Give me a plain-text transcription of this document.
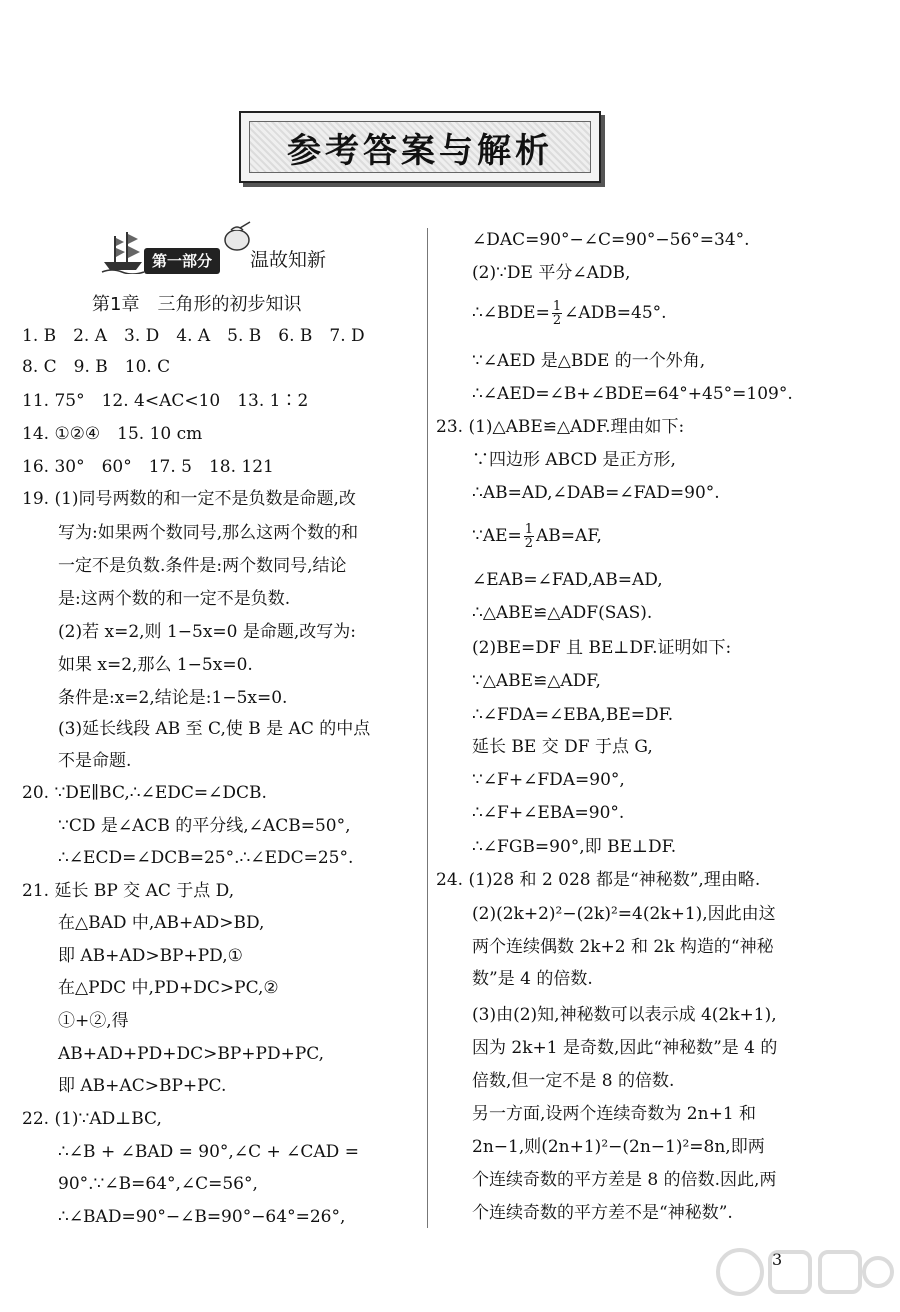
参考答案与解析
第一部分	温故知新
第1章　三角形的初步知识
1. B　2. A　3. D　4. A　5. B　6. B　7. D
8. C　9. B　10. C
11. 75°　12. 4<AC<10　13. 1∶2
14. ①②④　15. 10 cm
16. 30°　60°　17. 5　18. 121
19. (1)同号两数的和一定不是负数是命题,改
写为:如果两个数同号,那么这两个数的和
一定不是负数.条件是:两个数同号,结论
是:这两个数的和一定不是负数.
(2)若 x=2,则 1−5x=0 是命题,改写为:
如果 x=2,那么 1−5x=0.
条件是:x=2,结论是:1−5x=0.
(3)延长线段 AB 至 C,使 B 是 AC 的中点
不是命题.
20. ∵DE∥BC,∴∠EDC=∠DCB.
∵CD 是∠ACB 的平分线,∠ACB=50°,
∴∠ECD=∠DCB=25°.∴∠EDC=25°.
21. 延长 BP 交 AC 于点 D,
在△BAD 中,AB+AD>BD,
即 AB+AD>BP+PD,①
在△PDC 中,PD+DC>PC,②
①+②,得
AB+AD+PD+DC>BP+PD+PC,
即 AB+AC>BP+PC.
22. (1)∵AD⊥BC,
∴∠B + ∠BAD = 90°,∠C + ∠CAD =
90°.∵∠B=64°,∠C=56°,
∴∠BAD=90°−∠B=90°−64°=26°,
∠DAC=90°−∠C=90°−56°=34°.
(2)∵DE 平分∠ADB,
∴∠BDE= $\frac{1}{2}$ ∠ADB=45°.
∵∠AED 是△BDE 的一个外角,
∴∠AED=∠B+∠BDE=64°+45°=109°.
23. (1)△ABE≌△ADF.理由如下:
∵四边形 ABCD 是正方形,
∴AB=AD,∠DAB=∠FAD=90°.
∵AE= $\frac{1}{2} AB=AF$,
∠EAB=∠FAD,AB=AD,
∴△ABE≌△ADF(SAS).
(2)BE=DF 且 BE⊥DF.证明如下:
∵△ABE≌△ADF,
∴∠FDA=∠EBA,BE=DF.
延长 BE 交 DF 于点 G,
∵∠F+∠FDA=90°,
∴∠F+∠EBA=90°.
∴∠FGB=90°,即 BE⊥DF.
24. (1)28 和 2 028 都是“神秘数”,理由略.
(2)(2k+2)²−(2k)²=4(2k+1),因此由这
两个连续偶数 2k+2 和 2k 构造的“神秘
数”是 4 的倍数.
(3)由(2)知,神秘数可以表示成 4(2k+1),
因为 2k+1 是奇数,因此“神秘数”是 4 的
倍数,但一定不是 8 的倍数.
另一方面,设两个连续奇数为 2n+1 和
2n−1,则(2n+1)²−(2n−1)²=8n,即两
个连续奇数的平方差是 8 的倍数.因此,两
个连续奇数的平方差不是“神秘数”.
3
